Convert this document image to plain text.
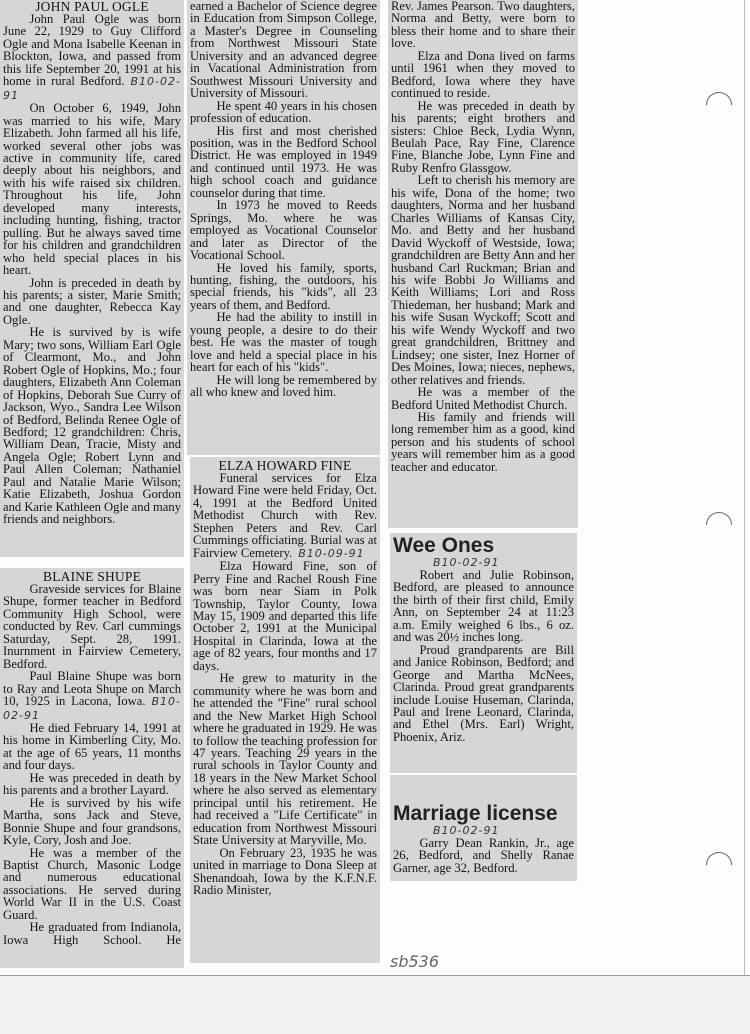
JOHN PAUL OGLE

John Paul Ogle was born June 22, 1929 to Guy Clifford Ogle and Mona Isabelle Keenan in Blockton, Iowa, and passed from this life September 20, 1991 at his home in rural Bedford. B10-02-91

On October 6, 1949, John was married to his wife, Mary Elizabeth. John farmed all his life, worked several other jobs was active in community life, cared deeply about his neighbors, and with his wife raised six children. Throughout his life, John developed many interests, including hunting, fishing, tractor pulling. But he always saved time for his children and grandchildren who held special places in his heart.

John is preceded in death by his parents; a sister, Marie Smith; and one daughter, Rebecca Kay Ogle.

He is survived by is wife Mary; two sons, William Earl Ogle of Clearmont, Mo., and John Robert Ogle of Hopkins, Mo.; four daughters, Elizabeth Ann Coleman of Hopkins, Deborah Sue Curry of Jackson, Wyo., Sandra Lee Wilson of Bedford, Belinda Renee Ogle of Bedford; 12 grandchildren: Chris, William Dean, Tracie, Misty and Angela Ogle; Robert Lynn and Paul Allen Coleman; Nathaniel Paul and Natalie Marie Wilson; Katie Elizabeth, Joshua Gordon and Karie Kathleen Ogle and many friends and neighbors.

BLAINE SHUPE

Graveside services for Blaine Shupe, former teacher in Bedford Community High School, were conducted by Rev. Carl cummings Saturday, Sept. 28, 1991. Inurnment in Fairview Cemetery, Bedford.

Paul Blaine Shupe was born to Ray and Leota Shupe on March 10, 1925 in Lacona, Iowa. B10-02-91

He died February 14, 1991 at his home in Kimberling City, Mo. at the age of 65 years, 11 months and four days.

He was preceded in death by his parents and a brother Layard.

He is survived by his wife Martha, sons Jack and Steve, Bonnie Shupe and four grandsons, Kyle, Cory, Josh and Joe.

He was a member of the Baptist Church, Masonic Lodge and numerous educational associations. He served during World War II in the U.S. Coast Guard.

He graduated from Indianola, Iowa High School. He

earned a Bachelor of Science degree in Education from Simpson College, a Master's Degree in Counseling from Northwest Missouri State University and an advanced degree in Vacational Administration from Southwest Missouri University and University of Missouri.

He spent 40 years in his chosen profession of education.

His first and most cherished position, was in the Bedford School District. He was employed in 1949 and continued until 1973. He was high school coach and guidance counselor during that time.

In 1973 he moved to Reeds Springs, Mo. where he was employed as Vocational Counselor and later as Director of the Vocational School.

He loved his family, sports, hunting, fishing, the outdoors, his special friends, his "kids", all 23 years of them, and Bedford.

He had the ability to instill in young people, a desire to do their best. He was the master of tough love and held a special place in his heart for each of his "kids".

He will long be remembered by all who knew and loved him.

ELZA HOWARD FINE

Funeral services for Elza Howard Fine were held Friday, Oct. 4, 1991 at the Bedford United Methodist Church with Rev. Stephen Peters and Rev. Carl Cummings officiating. Burial was at Fairview Cemetery. B10-09-91

Elza Howard Fine, son of Perry Fine and Rachel Roush Fine was born near Siam in Polk Township, Taylor County, Iowa May 15, 1909 and departed this life October 2, 1991 at the Municipal Hospital in Clarinda, Iowa at the age of 82 years, four months and 17 days.

He grew to maturity in the community where he was born and he attended the "Fine" rural school and the New Market High School where he graduated in 1929. He was to follow the teaching profession for 47 years. Teaching 29 years in the rural schools in Taylor County and 18 years in the New Market School where he also served as elementary principal until his retirement. He had received a "Life Certificate" in education from Northwest Missouri State University at Maryville, Mo.

On February 23, 1935 he was united in marriage to Dona Sleep at Shenandoah, Iowa by the K.F.N.F. Radio Minister,

Rev. James Pearson. Two daughters, Norma and Betty, were born to bless their home and to share their love.

Elza and Dona lived on farms until 1961 when they moved to Bedford, Iowa where they have continued to reside.

He was preceded in death by his parents; eight brothers and sisters: Chloe Beck, Lydia Wynn, Beulah Pace, Ray Fine, Clarence Fine, Blanche Jobe, Lynn Fine and Ruby Renfro Glassgow.

Left to cherish his memory are his wife, Dona of the home; two daughters, Norma and her husband Charles Williams of Kansas City, Mo. and Betty and her husband David Wyckoff of Westside, Iowa; grandchildren are Betty Ann and her husband Carl Ruckman; Brian and his wife Bobbi Jo Williams and Keith Williams; Lori and Ross Thiedeman, her husband; Mark and his wife Susan Wyckoff; Scott and his wife Wendy Wyckoff and two great grandchildren, Brittney and Lindsey; one sister, Inez Horner of Des Moines, Iowa; nieces, nephews, other relatives and friends.

He was a member of the Bedford United Methodist Church.

His family and friends will long remember him as a good, kind person and his students of school years will remember him as a good teacher and educator.

Wee Ones
B10-02-91

Robert and Julie Robinson, Bedford, are pleased to announce the birth of their first child, Emily Ann, on September 24 at 11:23 a.m. Emily weighed 6 lbs., 6 oz. and was 20½ inches long.

Proud grandparents are Bill and Janice Robinson, Bedford; and George and Martha McNees, Clarinda. Proud great grandparents include Louise Huseman, Clarinda, Paul and Irene Leonard, Clarinda, and Ethel (Mrs. Earl) Wright, Phoenix, Ariz.

Marriage license
B10-02-91

Garry Dean Rankin, Jr., age 26, Bedford, and Shelly Ranae Garner, age 32, Bedford.

sb536
